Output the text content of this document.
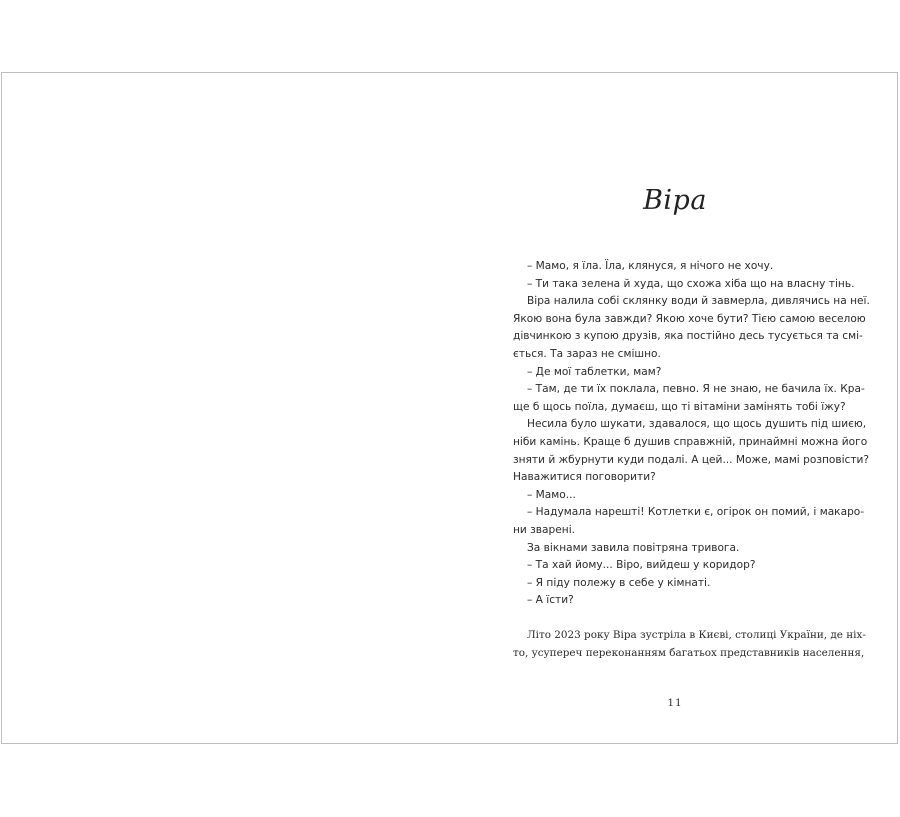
Віра
– Мамо, я їла. Їла, клянуся, я нічого не хочу.
– Ти така зелена й худа, що схожа хіба що на власну тінь.
Віра налила собі склянку води й завмерла, дивлячись на неї.
Якою вона була завжди? Якою хоче бути? Тією самою веселою
дівчинкою з купою друзів, яка постійно десь тусується та смі-
ється. Та зараз не смішно.
– Де мої таблетки, мам?
– Там, де ти їх поклала, певно. Я не знаю, не бачила їх. Кра-
ще б щось поїла, думаєш, що ті вітаміни замінять тобі їжу?
Несила було шукати, здавалося, що щось душить під шиєю,
ніби камінь. Краще б душив справжній, принаймні можна його
зняти й жбурнути куди подалі. А цей... Може, мамі розповісти?
Наважитися поговорити?
– Мамо...
– Надумала нарешті! Котлетки є, огірок он помий, і макаро-
ни зварені.
За вікнами завила повітряна тривога.
– Та хай йому... Віро, вийдеш у коридор?
– Я піду полежу в себе у кімнаті.
– А їсти?
Літо 2023 року Віра зустріла в Києві, столиці України, де ніх-
то, усупереч переконанням багатьох представників населення,
11
